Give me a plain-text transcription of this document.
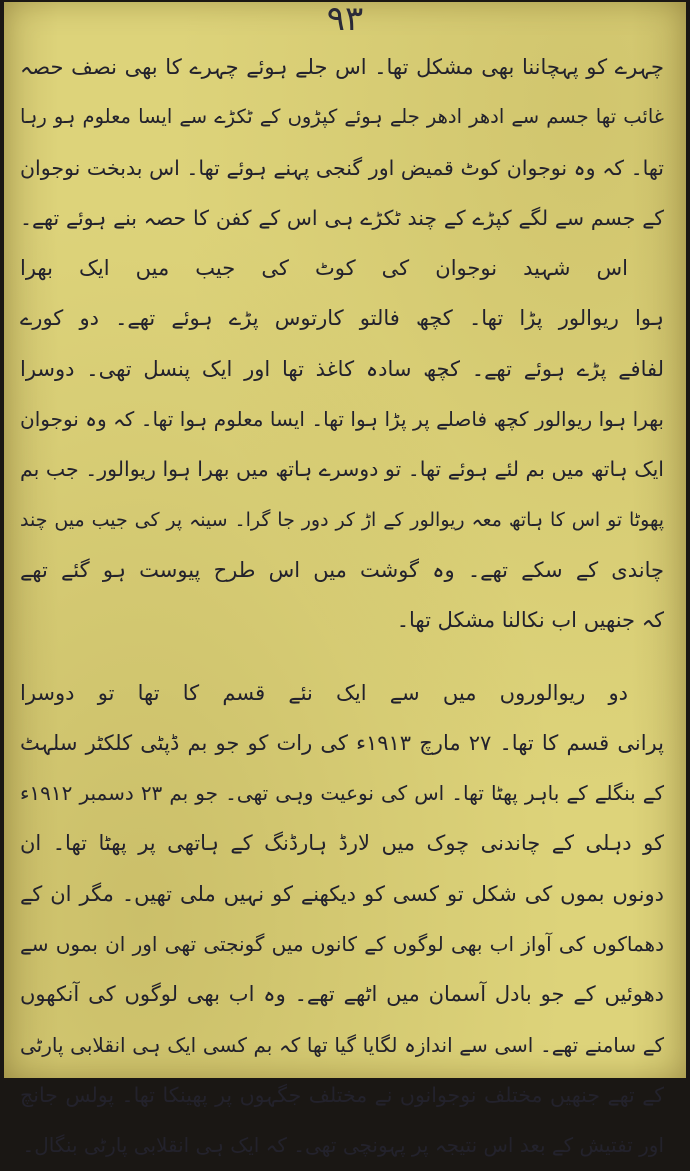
۹۳
چہرے کو پہچاننا بھی مشکل تھا۔ اس جلے ہوئے چہرے کا بھی نصف حصہ
غائب تھا جسم سے ادھر ادھر جلے ہوئے کپڑوں کے ٹکڑے سے ایسا معلوم ہو رہا
تھا۔ کہ وہ نوجوان کوٹ قمیض اور گنجی پہنے ہوئے تھا۔ اس بدبخت نوجوان
کے جسم سے لگے کپڑے کے چند ٹکڑے ہی اس کے کفن کا حصہ بنے ہوئے تھے۔
اس شہید نوجوان کی کوٹ کی جیب میں ایک بھرا
ہوا ریوالور پڑا تھا۔ کچھ فالتو کارتوس پڑے ہوئے تھے۔ دو کورے
لفافے پڑے ہوئے تھے۔ کچھ سادہ کاغذ تھا اور ایک پنسل تھی۔ دوسرا
بھرا ہوا ریوالور کچھ فاصلے پر پڑا ہوا تھا۔ ایسا معلوم ہوا تھا۔ کہ وہ نوجوان
ایک ہاتھ میں بم لئے ہوئے تھا۔ تو دوسرے ہاتھ میں بھرا ہوا ریوالور۔ جب بم
پھوٹا تو اس کا ہاتھ معہ ریوالور کے اڑ کر دور جا گرا۔ سینہ پر کی جیب میں چند
چاندی کے سکے تھے۔ وہ گوشت میں اس طرح پیوست ہو گئے تھے
کہ جنھیں اب نکالنا مشکل تھا۔
دو ریوالوروں میں سے ایک نئے قسم کا تھا تو دوسرا
پرانی قسم کا تھا۔ ۲۷ مارچ ۱۹۱۳ء کی رات کو جو بم ڈپٹی کلکٹر سلہٹ
کے بنگلے کے باہر پھٹا تھا۔ اس کی نوعیت وہی تھی۔ جو بم ۲۳ دسمبر ۱۹۱۲ء
کو دہلی کے چاندنی چوک میں لارڈ ہارڈنگ کے ہاتھی پر پھٹا تھا۔ ان
دونوں بموں کی شکل تو کسی کو دیکھنے کو نہیں ملی تھیں۔ مگر ان کے
دھماکوں کی آواز اب بھی لوگوں کے کانوں میں گونجتی تھی اور ان بموں سے
دھوئیں کے جو بادل آسمان میں اٹھے تھے۔ وہ اب بھی لوگوں کی آنکھوں
کے سامنے تھے۔ اسی سے اندازہ لگایا گیا تھا کہ بم کسی ایک ہی انقلابی پارٹی
کے تھے جنھیں مختلف نوجوانوں نے مختلف جگہوں پر پھینکا تھا۔ پولس جانچ
اور تفتیش کے بعد اس نتیجہ پر پہونچی تھی۔ کہ ایک ہی انقلابی پارٹی بنگال۔
